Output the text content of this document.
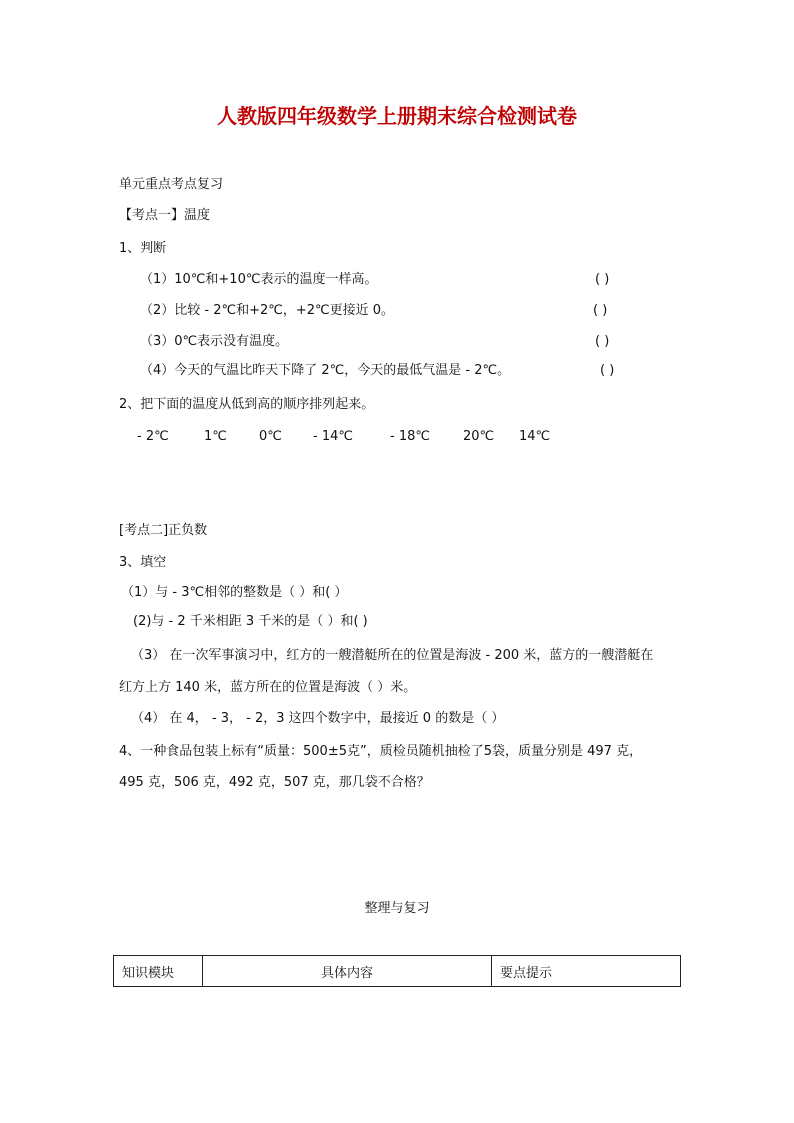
人教版四年级数学上册期末综合检测试卷
单元重点考点复习
【考点一】温度
1、判断
（1）10℃和+10℃表示的温度一样高。	( )
（2）比较 - 2℃和+2℃，+2℃更接近 0。	( )
（3）0℃表示没有温度。	( )
（4）今天的气温比昨天下降了 2℃，今天的最低气温是 - 2℃。	( )
2、把下面的温度从低到高的顺序排列起来。
- 2℃	1℃ 0℃ - 14℃	- 18℃	20℃ 14℃
[考点二]正负数
3、填空
（1）与 - 3℃相邻的整数是（ ）和( ）
(2)与 - 2 千米相距 3 千米的是（ ）和( )
（3） 在一次军事演习中，红方的一艘潜艇所在的位置是海波 - 200 米，蓝方的一艘潜艇在
红方上方 140 米，蓝方所在的位置是海波（ ）米。
（4） 在 4， - 3， - 2，3 这四个数字中，最接近 0 的数是（ ）
4、一种食品包装上标有“质量：500±5克”，质检员随机抽检了5袋，质量分别是 497 克，
495 克，506 克，492 克，507 克，那几袋不合格？
整理与复习
知识模块	具体内容	要点提示
